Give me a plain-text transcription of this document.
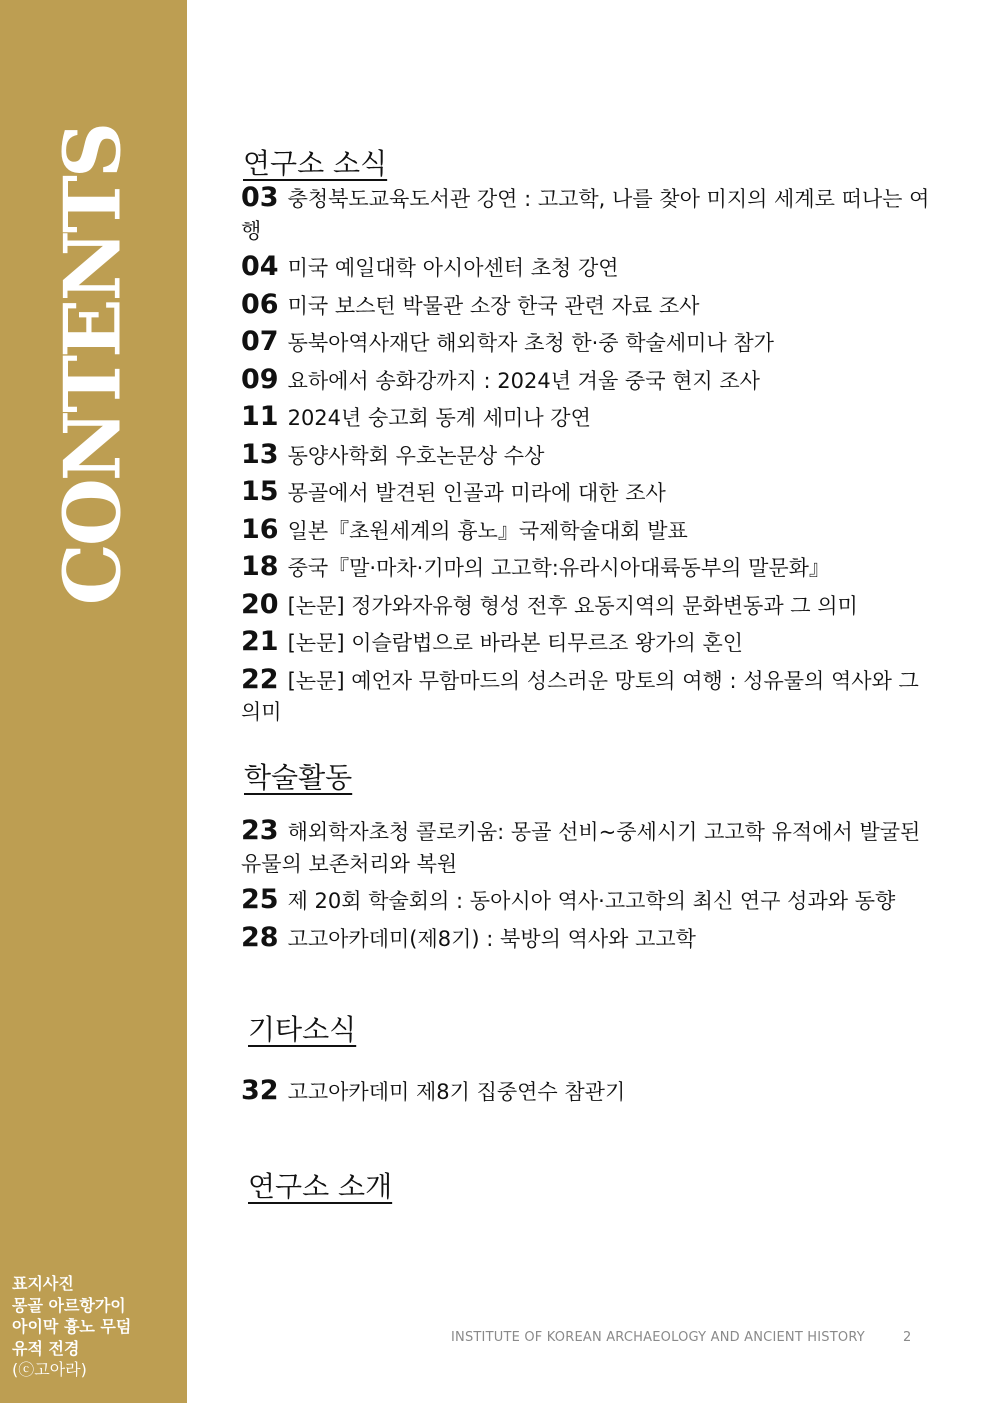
CONTENTS
표지사진
몽골 아르항가이
아이막 흉노 무덤
유적 전경
(ⓒ고아라)
연구소 소식
03 충청북도교육도서관 강연 : 고고학, 나를 찾아 미지의 세계로 떠나는 여행
04 미국 예일대학 아시아센터 초청 강연
06 미국 보스턴 박물관 소장 한국 관련 자료 조사
07 동북아역사재단 해외학자 초청 한·중 학술세미나 참가
09 요하에서 송화강까지 : 2024년 겨울 중국 현지 조사
11 2024년 숭고회 동계 세미나 강연
13 동양사학회 우호논문상 수상
15 몽골에서 발견된 인골과 미라에 대한 조사
16 일본『초원세계의 흉노』국제학술대회 발표
18 중국『말·마차·기마의 고고학:유라시아대륙동부의 말문화』
20 [논문] 정가와자유형 형성 전후 요동지역의 문화변동과 그 의미
21 [논문] 이슬람법으로 바라본 티무르조 왕가의 혼인
22 [논문] 예언자 무함마드의 성스러운 망토의 여행 : 성유물의 역사와 그 의미
학술활동
23 해외학자초청 콜로키움: 몽골 선비~중세시기 고고학 유적에서 발굴된 유물의 보존처리와 복원
25 제 20회 학술회의 : 동아시아 역사·고고학의 최신 연구 성과와 동향
28 고고아카데미(제8기) : 북방의 역사와 고고학
기타소식
32 고고아카데미 제8기 집중연수 참관기
연구소 소개
INSTITUTE OF KOREAN ARCHAEOLOGY AND ANCIENT HISTORY	2
